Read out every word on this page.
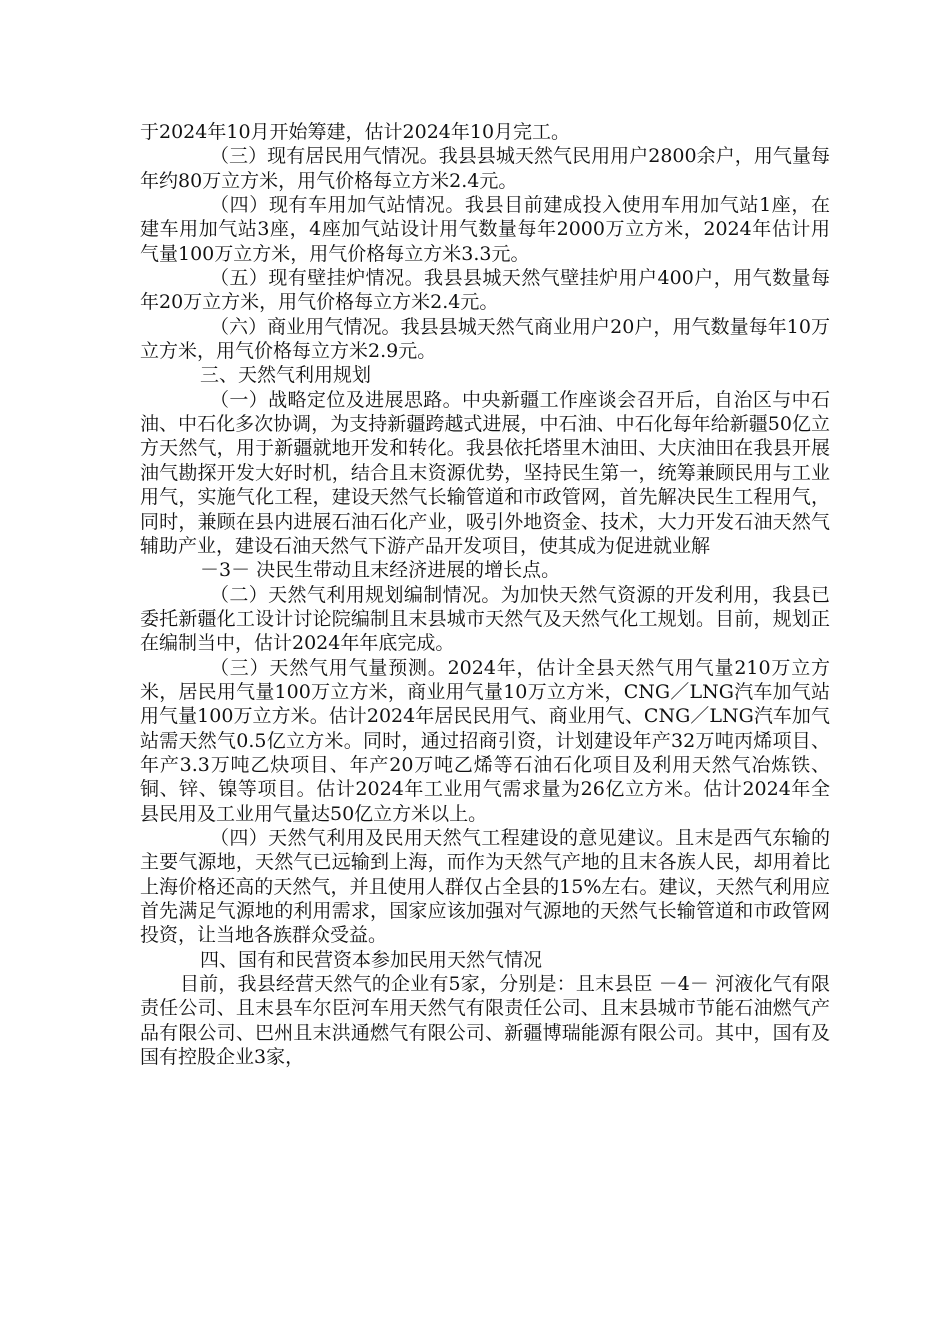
于2024年10月开始筹建，估计2024年10月完工。

（三）现有居民用气情况。我县县城天然气民用用户2800余户，用气量每年约80万立方米，用气价格每立方米2.4元。

（四）现有车用加气站情况。我县目前建成投入使用车用加气站1座，在建车用加气站3座，4座加气站设计用气数量每年2000万立方米，2024年估计用气量100万立方米，用气价格每立方米3.3元。

（五）现有壁挂炉情况。我县县城天然气壁挂炉用户400户，用气数量每年20万立方米，用气价格每立方米2.4元。

（六）商业用气情况。我县县城天然气商业用户20户，用气数量每年10万立方米，用气价格每立方米2.9元。

三、天然气利用规划

（一）战略定位及进展思路。中央新疆工作座谈会召开后，自治区与中石油、中石化多次协调，为支持新疆跨越式进展，中石油、中石化每年给新疆50亿立方天然气，用于新疆就地开发和转化。我县依托塔里木油田、大庆油田在我县开展油气勘探开发大好时机，结合且末资源优势，坚持民生第一，统筹兼顾民用与工业用气，实施气化工程，建设天然气长输管道和市政管网，首先解决民生工程用气，同时，兼顾在县内进展石油石化产业，吸引外地资金、技术，大力开发石油天然气辅助产业，建设石油天然气下游产品开发项目，使其成为促进就业解

－3－ 决民生带动且末经济进展的增长点。

（二）天然气利用规划编制情况。为加快天然气资源的开发利用，我县已委托新疆化工设计讨论院编制且末县城市天然气及天然气化工规划。目前，规划正在编制当中，估计2024年年底完成。

（三）天然气用气量预测。2024年，估计全县天然气用气量210万立方米，居民用气量100万立方米，商业用气量10万立方米，CNG／LNG汽车加气站用气量100万立方米。估计2024年居民民用气、商业用气、CNG／LNG汽车加气站需天然气0.5亿立方米。同时，通过招商引资，计划建设年产32万吨丙烯项目、年产3.3万吨乙炔项目、年产20万吨乙烯等石油石化项目及利用天然气冶炼铁、铜、锌、镍等项目。估计2024年工业用气需求量为26亿立方米。估计2024年全县民用及工业用气量达50亿立方米以上。

（四）天然气利用及民用天然气工程建设的意见建议。且末是西气东输的主要气源地，天然气已远输到上海，而作为天然气产地的且末各族人民，却用着比上海价格还高的天然气，并且使用人群仅占全县的15%左右。建议，天然气利用应首先满足气源地的利用需求，国家应该加强对气源地的天然气长输管道和市政管网投资，让当地各族群众受益。

四、国有和民营资本参加民用天然气情况

目前，我县经营天然气的企业有5家，分别是：且末县臣 －4－ 河液化气有限责任公司、且末县车尔臣河车用天然气有限责任公司、且末县城市节能石油燃气产品有限公司、巴州且末洪通燃气有限公司、新疆博瑞能源有限公司。其中，国有及国有控股企业3家，
